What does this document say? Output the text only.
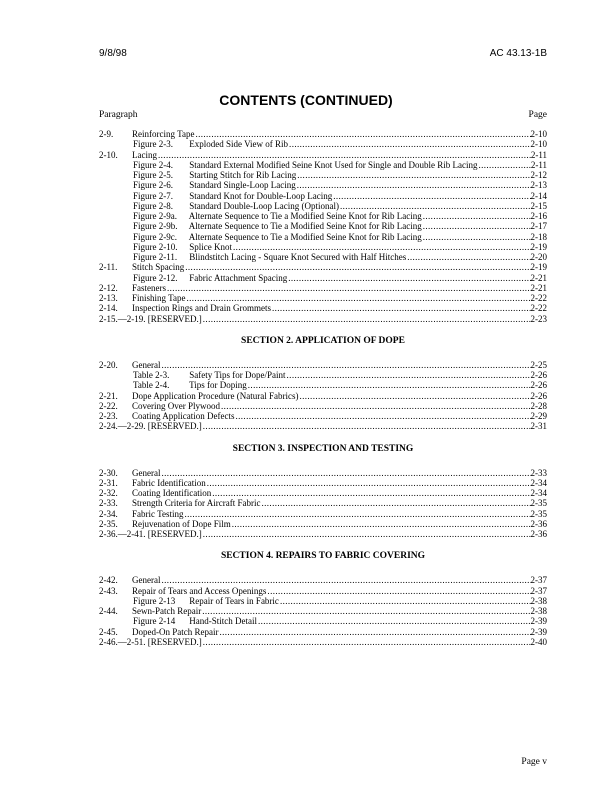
9/8/98	AC 43.13-1B
CONTENTS (CONTINUED)
Paragraph	Page
2-9. Reinforcing Tape .....	2-10
Figure 2-3. Exploded Side View of Rib .....	2-10
2-10. Lacing .....	2-11
Figure 2-4. Standard External Modified Seine Knot Used for Single and Double Rib Lacing .....	2-11
Figure 2-5. Starting Stitch for Rib Lacing .....	2-12
Figure 2-6. Standard Single-Loop Lacing .....	2-13
Figure 2-7. Standard Knot for Double-Loop Lacing .....	2-14
Figure 2-8. Standard Double-Loop Lacing (Optional) .....	2-15
Figure 2-9a. Alternate Sequence to Tie a Modified Seine Knot for Rib Lacing .....	2-16
Figure 2-9b. Alternate Sequence to Tie a Modified Seine Knot for Rib Lacing .....	2-17
Figure 2-9c. Alternate Sequence to Tie a Modified Seine Knot for Rib Lacing .....	2-18
Figure 2-10. Splice Knot .....	2-19
Figure 2-11. Blindstitch Lacing - Square Knot Secured with Half Hitches .....	2-20
2-11. Stitch Spacing .....	2-19
Figure 2-12. Fabric Attachment Spacing .....	2-21
2-12. Fasteners .....	2-21
2-13. Finishing Tape .....	2-22
2-14. Inspection Rings and Drain Grommets .....	2-22
2-15.—2-19. [RESERVED.] .....	2-23
SECTION 2. APPLICATION OF DOPE
2-20. General .....	2-25
Table 2-3. Safety Tips for Dope/Paint .....	2-26
Table 2-4. Tips for Doping .....	2-26
2-21. Dope Application Procedure (Natural Fabrics) .....	2-26
2-22. Covering Over Plywood .....	2-28
2-23. Coating Application Defects .....	2-29
2-24.—2-29. [RESERVED.] .....	2-31
SECTION 3. INSPECTION AND TESTING
2-30. General .....	2-33
2-31. Fabric Identification .....	2-34
2-32. Coating Identification .....	2-34
2-33. Strength Criteria for Aircraft Fabric .....	2-35
2-34. Fabric Testing .....	2-35
2-35. Rejuvenation of Dope Film .....	2-36
2-36.—2-41. [RESERVED.] .....	2-36
SECTION 4. REPAIRS TO FABRIC COVERING
2-42. General .....	2-37
2-43. Repair of Tears and Access Openings .....	2-37
Figure 2-13 Repair of Tears in Fabric .....	2-38
2-44. Sewn-Patch Repair .....	2-38
Figure 2-14 Hand-Stitch Detail .....	2-39
2-45. Doped-On Patch Repair .....	2-39
2-46.—2-51. [RESERVED.] .....	2-40
Page v
